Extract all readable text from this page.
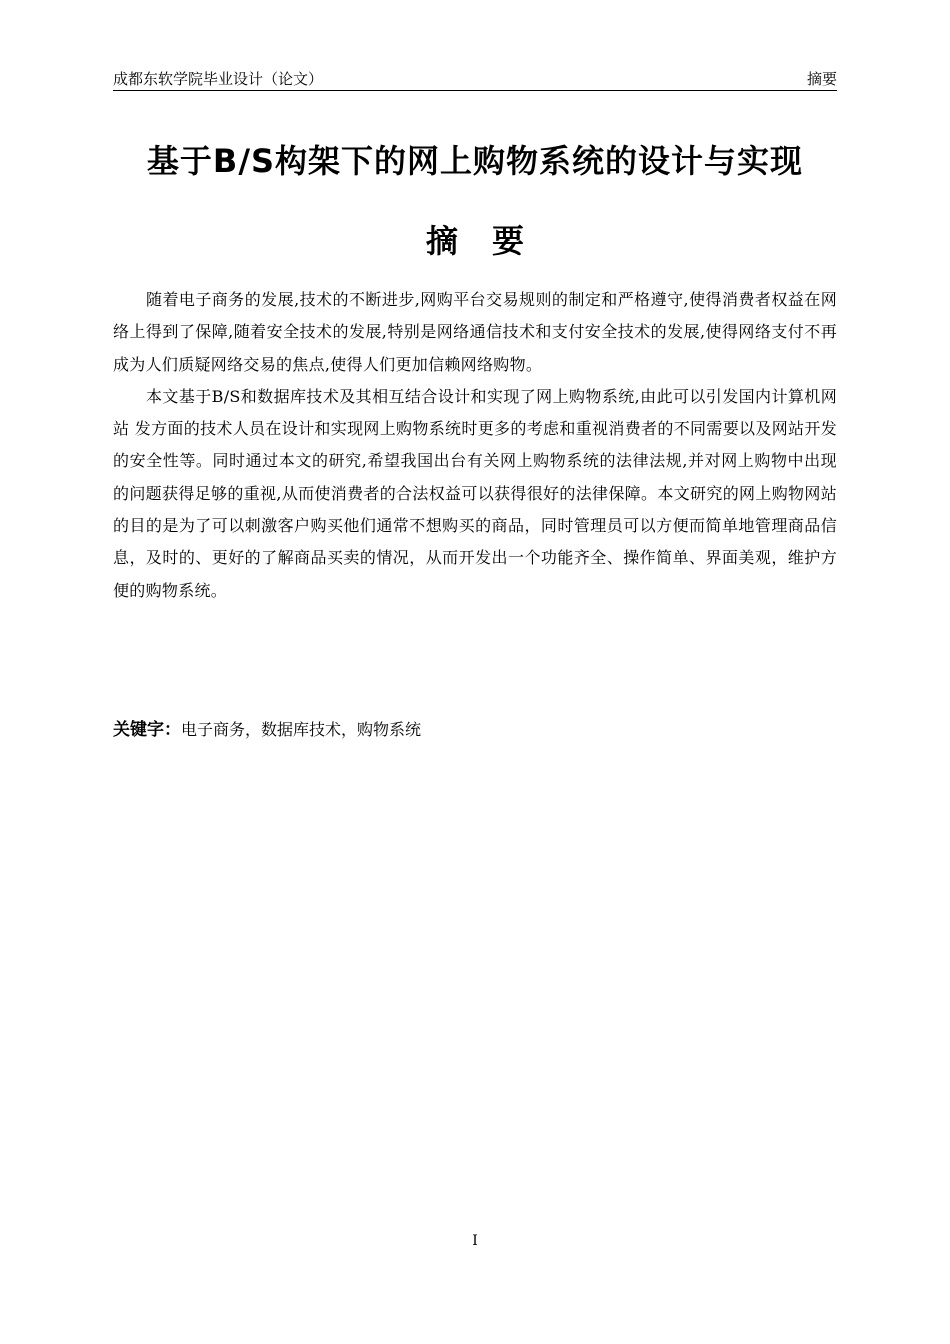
成都东软学院毕业设计（论文）	摘要
基于B/S构架下的网上购物系统的设计与实现
摘要

随着电子商务的发展,技术的不断进步,网购平台交易规则的制定和严格遵守,使得消费者权益在网络上得到了保障,随着安全技术的发展,特别是网络通信技术和支付安全技术的发展,使得网络支付不再成为人们质疑网络交易的焦点,使得人们更加信赖网络购物。

本文基于B/S和数据库技术及其相互结合设计和实现了网上购物系统,由此可以引发国内计算机网站 发方面的技术人员在设计和实现网上购物系统时更多的考虑和重视消费者的不同需要以及网站开发的安全性等。同时通过本文的研究,希望我国出台有关网上购物系统的法律法规,并对网上购物中出现的问题获得足够的重视,从而使消费者的合法权益可以获得很好的法律保障。本文研究的网上购物网站的目的是为了可以刺激客户购买他们通常不想购买的商品，同时管理员可以方便而简单地管理商品信息，及时的、更好的了解商品买卖的情况，从而开发出一个功能齐全、操作简单、界面美观，维护方便的购物系统。

关键字：电子商务，数据库技术，购物系统
I
